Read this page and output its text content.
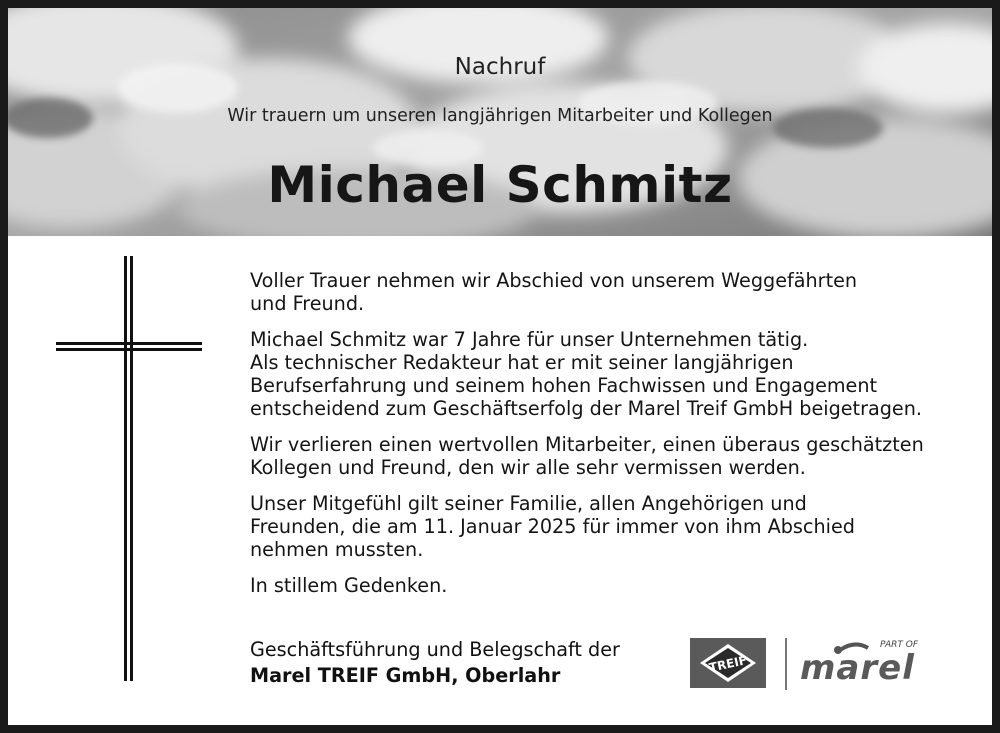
Nachruf
Wir trauern um unseren langjährigen Mitarbeiter und Kollegen
Michael Schmitz

Voller Trauer nehmen wir Abschied von unserem Weggefährten
und Freund.

Michael Schmitz war 7 Jahre für unser Unternehmen tätig.
Als technischer Redakteur hat er mit seiner langjährigen
Berufserfahrung und seinem hohen Fachwissen und Engagement
entscheidend zum Geschäftserfolg der Marel Treif GmbH beigetragen.

Wir verlieren einen wertvollen Mitarbeiter, einen überaus geschätzten
Kollegen und Freund, den wir alle sehr vermissen werden.

Unser Mitgefühl gilt seiner Familie, allen Angehörigen und
Freunden, die am 11. Januar 2025 für immer von ihm Abschied
nehmen mussten.

In stillem Gedenken.

Geschäftsführung und Belegschaft der
Marel TREIF GmbH, Oberlahr	TREIF
PART OF
marel
